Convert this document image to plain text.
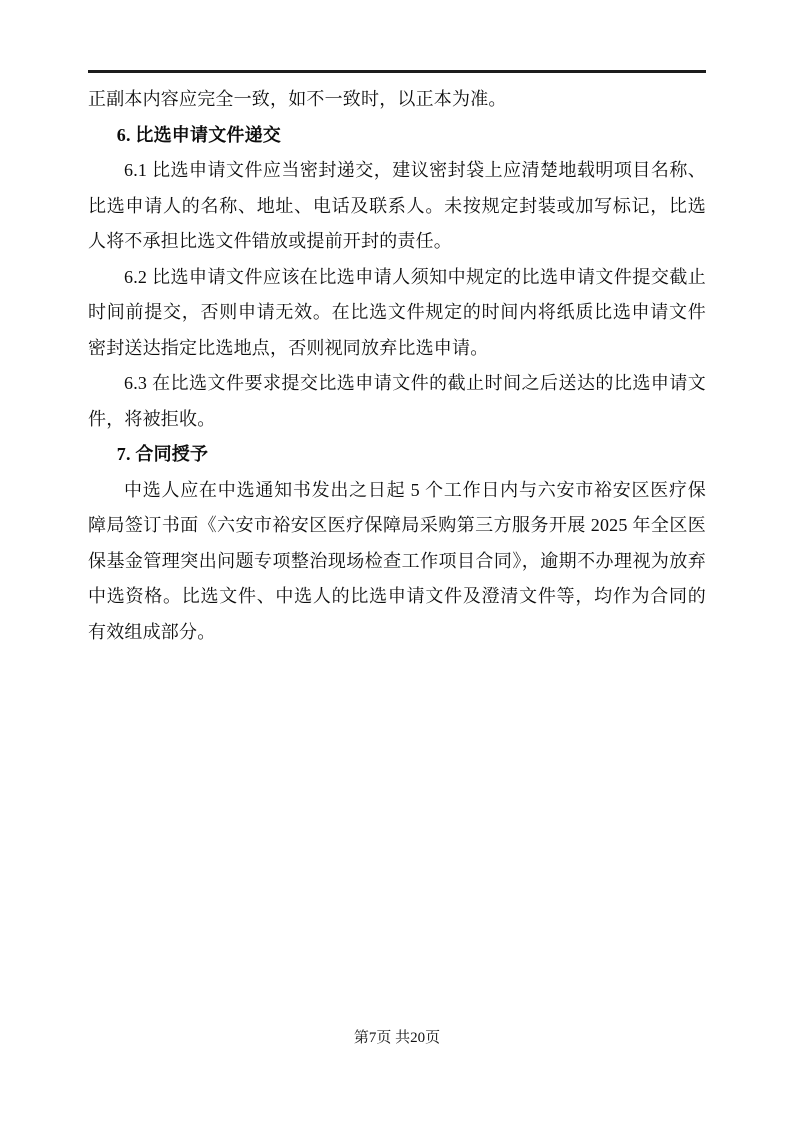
正副本内容应完全一致，如不一致时，以正本为准。

6. 比选申请文件递交

6.1 比选申请文件应当密封递交，建议密封袋上应清楚地载明项目名称、比选申请人的名称、地址、电话及联系人。未按规定封装或加写标记，比选人将不承担比选文件错放或提前开封的责任。

6.2 比选申请文件应该在比选申请人须知中规定的比选申请文件提交截止时间前提交，否则申请无效。在比选文件规定的时间内将纸质比选申请文件密封送达指定比选地点，否则视同放弃比选申请。

6.3 在比选文件要求提交比选申请文件的截止时间之后送达的比选申请文件，将被拒收。

7. 合同授予

中选人应在中选通知书发出之日起 5 个工作日内与六安市裕安区医疗保障局签订书面《六安市裕安区医疗保障局采购第三方服务开展 2025 年全区医保基金管理突出问题专项整治现场检查工作项目合同》，逾期不办理视为放弃中选资格。比选文件、中选人的比选申请文件及澄清文件等，均作为合同的有效组成部分。

第7页 共20页
